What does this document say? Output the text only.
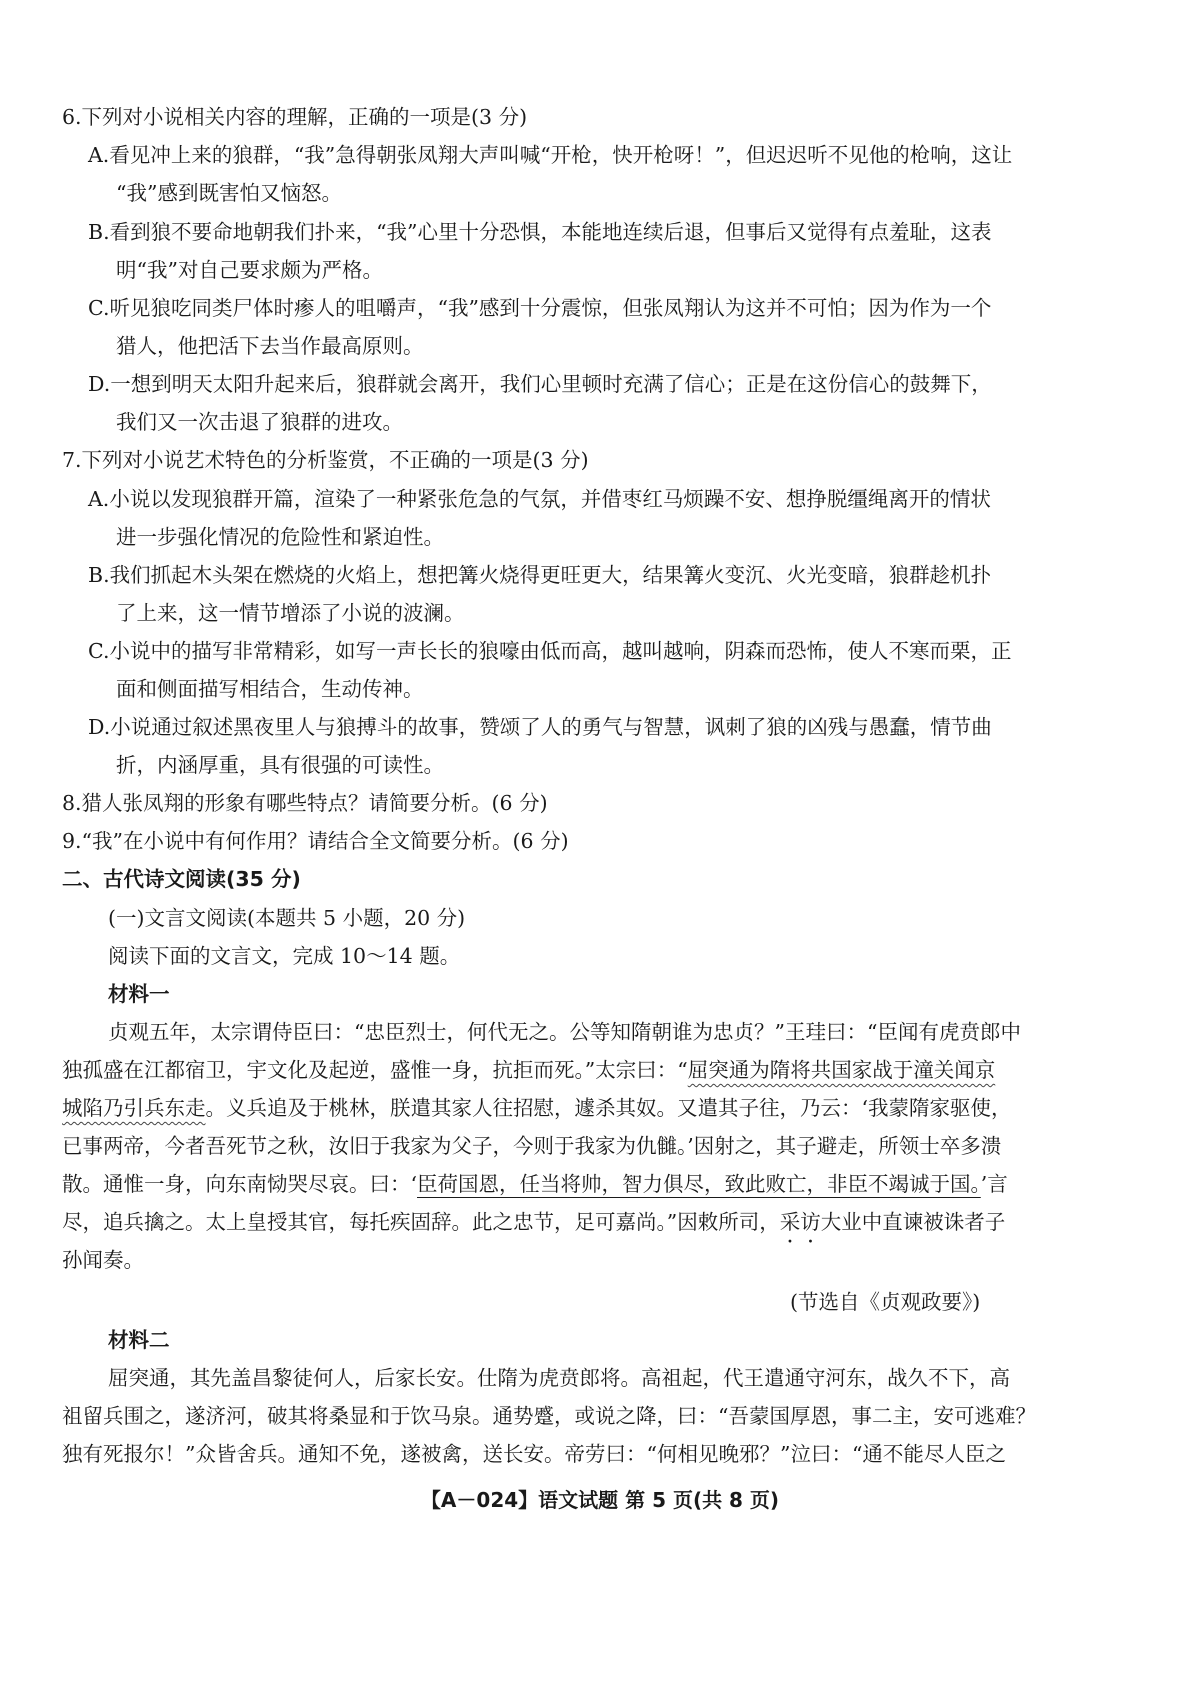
6.下列对小说相关内容的理解，正确的一项是(3 分)
A.看见冲上来的狼群，“我”急得朝张凤翔大声叫喊“开枪，快开枪呀！”，但迟迟听不见他的枪响，这让
“我”感到既害怕又恼怒。
B.看到狼不要命地朝我们扑来，“我”心里十分恐惧，本能地连续后退，但事后又觉得有点羞耻，这表
明“我”对自己要求颇为严格。
C.听见狼吃同类尸体时瘆人的咀嚼声，“我”感到十分震惊，但张凤翔认为这并不可怕；因为作为一个
猎人，他把活下去当作最高原则。
D.一想到明天太阳升起来后，狼群就会离开，我们心里顿时充满了信心；正是在这份信心的鼓舞下，
我们又一次击退了狼群的进攻。
7.下列对小说艺术特色的分析鉴赏，不正确的一项是(3 分)
A.小说以发现狼群开篇，渲染了一种紧张危急的气氛，并借枣红马烦躁不安、想挣脱缰绳离开的情状
进一步强化情况的危险性和紧迫性。
B.我们抓起木头架在燃烧的火焰上，想把篝火烧得更旺更大，结果篝火变沉、火光变暗，狼群趁机扑
了上来，这一情节增添了小说的波澜。
C.小说中的描写非常精彩，如写一声长长的狼嚎由低而高，越叫越响，阴森而恐怖，使人不寒而栗，正
面和侧面描写相结合，生动传神。
D.小说通过叙述黑夜里人与狼搏斗的故事，赞颂了人的勇气与智慧，讽刺了狼的凶残与愚蠢，情节曲
折，内涵厚重，具有很强的可读性。
8.猎人张凤翔的形象有哪些特点？请简要分析。(6 分)
9.“我”在小说中有何作用？请结合全文简要分析。(6 分)
二、古代诗文阅读(35 分)
(一)文言文阅读(本题共 5 小题，20 分)
阅读下面的文言文，完成 10～14 题。
材料一
贞观五年，太宗谓侍臣曰：“忠臣烈士，何代无之。公等知隋朝谁为忠贞？”王珪曰：“臣闻有虎贲郎中
独孤盛在江都宿卫，宇文化及起逆，盛惟一身，抗拒而死。”太宗曰：“屈突通为隋将共国家战于潼关闻京
城陷乃引兵东走。义兵追及于桃林，朕遣其家人往招慰，遽杀其奴。又遣其子往，乃云：‘我蒙隋家驱使，
已事两帝，今者吾死节之秋，汝旧于我家为父子，今则于我家为仇雠。’因射之，其子避走，所领士卒多溃
散。通惟一身，向东南恸哭尽哀。曰：‘臣荷国恩，任当将帅，智力俱尽，致此败亡，非臣不竭诚于国。’言
尽，追兵擒之。太上皇授其官，每托疾固辞。此之忠节，足可嘉尚。”因敕所司，采访大业中直谏被诛者子
孙闻奏。
(节选自《贞观政要》)
材料二
屈突通，其先盖昌黎徒何人，后家长安。仕隋为虎贲郎将。高祖起，代王遣通守河东，战久不下，高
祖留兵围之，遂济河，破其将桑显和于饮马泉。通势蹙，或说之降，曰：“吾蒙国厚恩，事二主，安可逃难？
独有死报尔！”众皆舍兵。通知不免，遂被禽，送长安。帝劳曰：“何相见晚邪？”泣曰：“通不能尽人臣之
【A－024】语文试题 第 5 页(共 8 页)
